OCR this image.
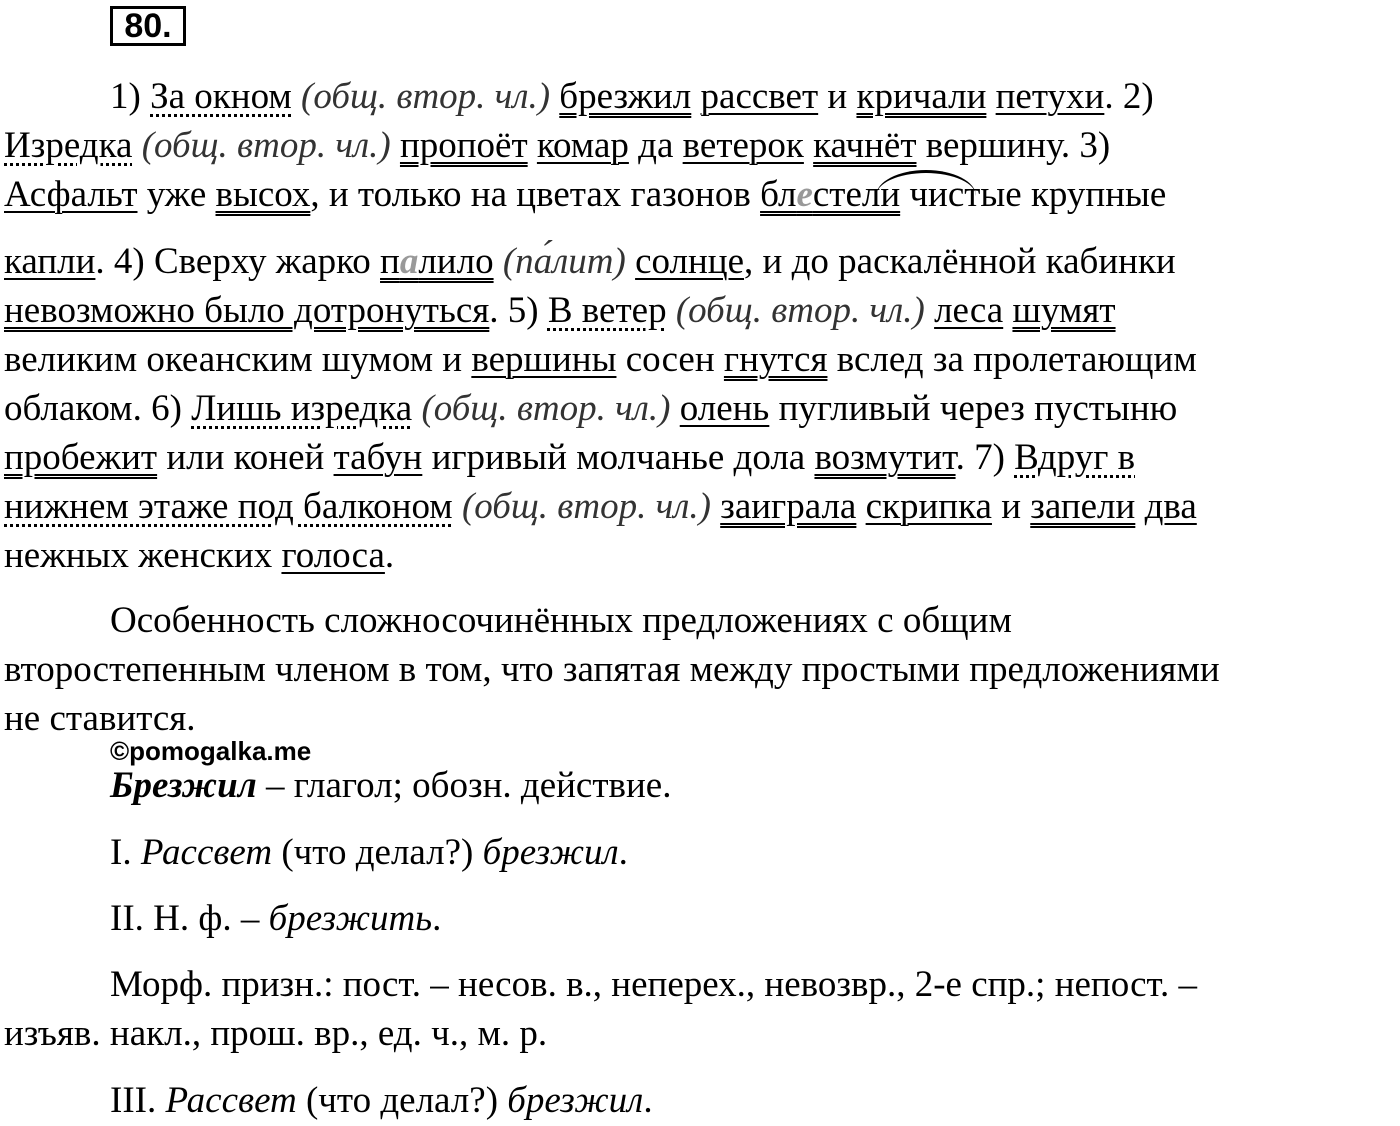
80.
1) За окном (общ. втор. чл.) брезжил рассвет и кричали петухи. 2)
Изредка (общ. втор. чл.) пропоёт комар да ветерок качнёт вершину. 3)
Асфальт уже высох, и только на цветах газонов блестели чистые крупные
капли. 4) Сверху жарко палило (па́лит) солнце, и до раскалённой кабинки
невозможно было дотронуться. 5) В ветер (общ. втор. чл.) леса шумят
великим океанским шумом и вершины сосен гнутся вслед за пролетающим
облаком. 6) Лишь изредка (общ. втор. чл.) олень пугливый через пустыню
пробежит или коней табун игривый молчанье дола возмутит. 7) Вдруг в
нижнем этаже под балконом (общ. втор. чл.) заиграла скрипка и запели два
нежных женских голоса.
Особенность сложносочинённых предложениях с общим
второстепенным членом в том, что запятая между простыми предложениями
не ставится.
©pomogalka.me
Брезжил – глагол; обозн. действие.
I. Рассвет (что делал?) брезжил.
II. Н. ф. – брезжить.
Морф. призн.: пост. – несов. в., неперех., невозвр., 2-е спр.; непост. –
изъяв. накл., прош. вр., ед. ч., м. р.
III. Рассвет (что делал?) брезжил.
